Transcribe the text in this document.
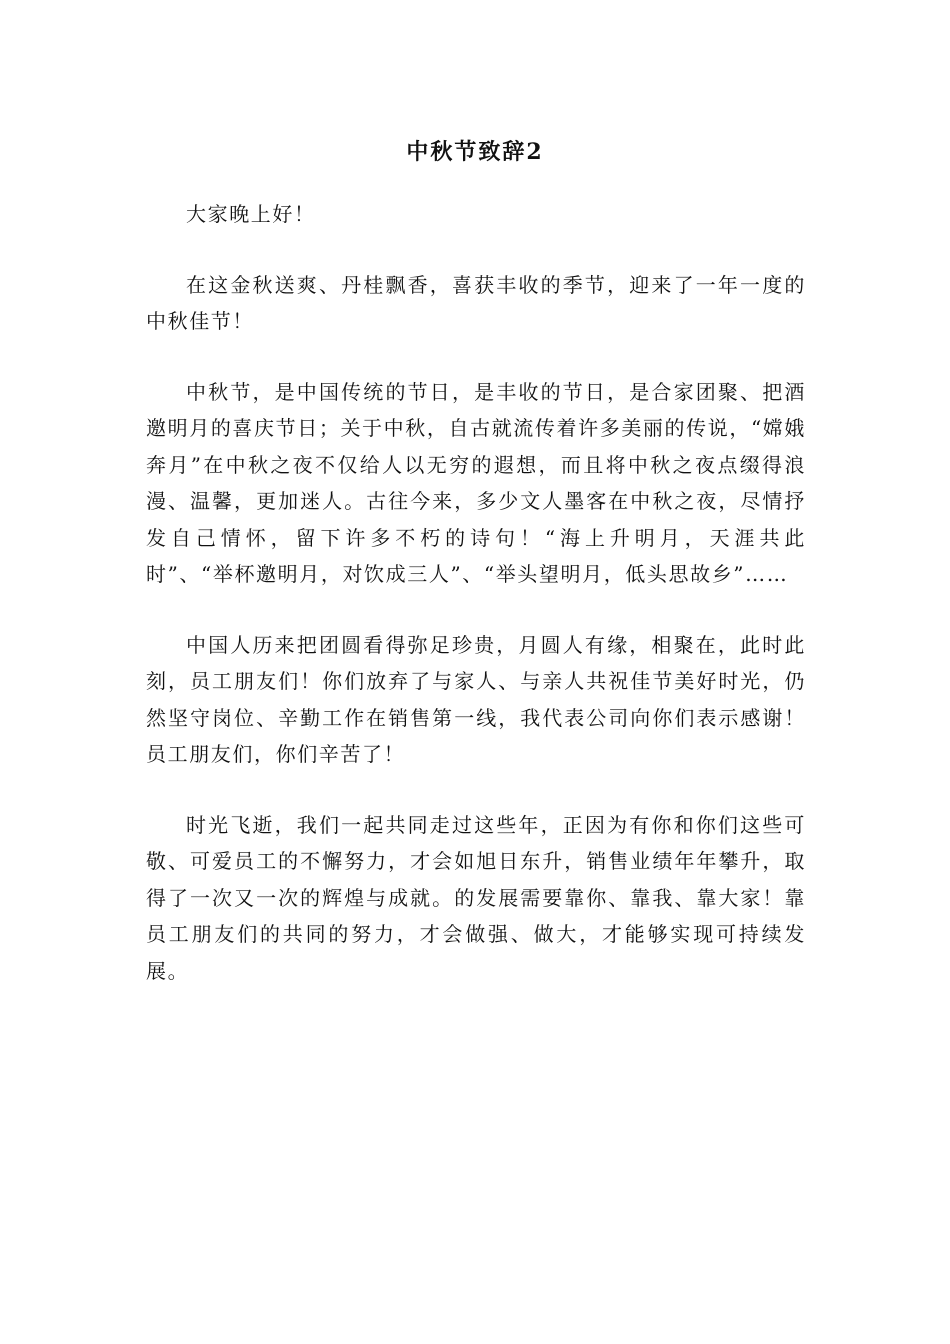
中秋节致辞2

大家晚上好！

在这金秋送爽、丹桂飘香，喜获丰收的季节，迎来了一年一度的中秋佳节！

中秋节，是中国传统的节日，是丰收的节日，是合家团聚、把酒邀明月的喜庆节日；关于中秋，自古就流传着许多美丽的传说，“嫦娥奔月”在中秋之夜不仅给人以无穷的遐想，而且将中秋之夜点缀得浪漫、温馨，更加迷人。古往今来，多少文人墨客在中秋之夜，尽情抒发自己情怀，留下许多不朽的诗句！“海上升明月，天涯共此时”、“举杯邀明月，对饮成三人”、“举头望明月，低头思故乡”……

中国人历来把团圆看得弥足珍贵，月圆人有缘，相聚在，此时此刻，员工朋友们！你们放弃了与家人、与亲人共祝佳节美好时光，仍然坚守岗位、辛勤工作在销售第一线，我代表公司向你们表示感谢！员工朋友们，你们辛苦了！

时光飞逝，我们一起共同走过这些年，正因为有你和你们这些可敬、可爱员工的不懈努力，才会如旭日东升，销售业绩年年攀升，取得了一次又一次的辉煌与成就。的发展需要靠你、靠我、靠大家！靠员工朋友们的共同的努力，才会做强、做大，才能够实现可持续发展。
